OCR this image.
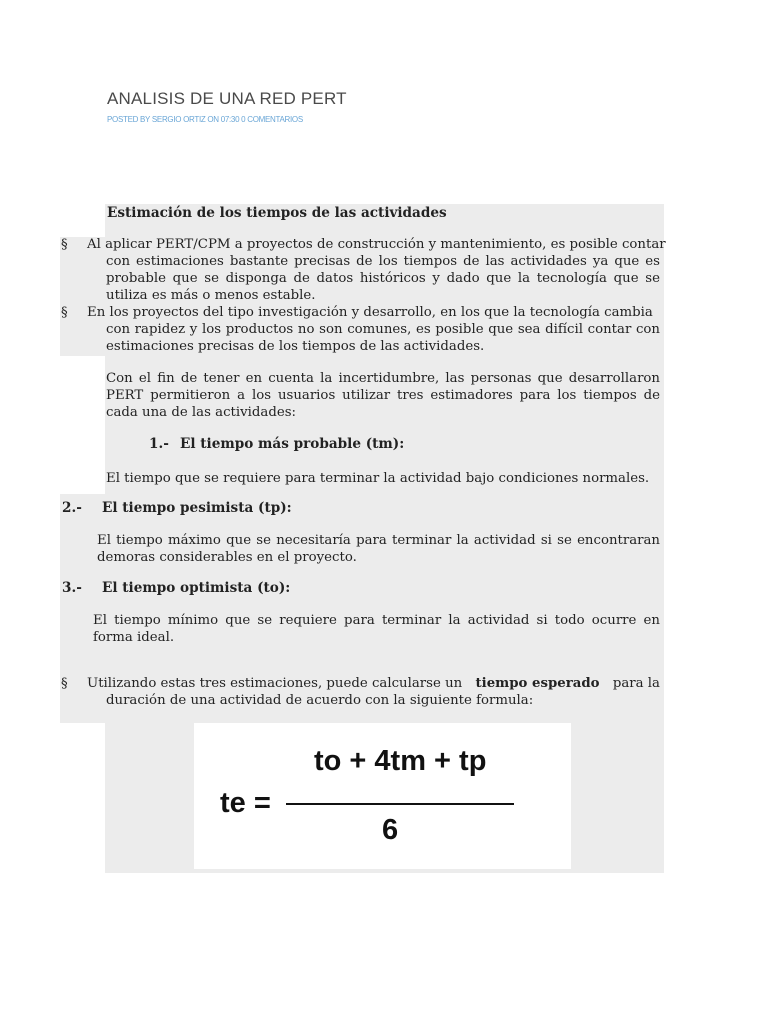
ANALISIS DE UNA RED PERT
POSTED BY SERGIO ORTIZ ON 07:30 0 COMENTARIOS
Estimación de los tiempos de las actividades
§ Al aplicar PERT/CPM a proyectos de construcción y mantenimiento, es posible contar
con estimaciones bastante precisas de los tiempos de las actividades ya que es probable que se disponga de datos históricos y dado que la tecnología que se utiliza es más o menos estable.
§ En los proyectos del tipo investigación y desarrollo, en los que la tecnología cambia
con rapidez y los productos no son comunes, es posible que sea difícil contar con estimaciones precisas de los tiempos de las actividades.
Con el fin de tener en cuenta la incertidumbre, las personas que desarrollaron PERT permitieron a los usuarios utilizar tres estimadores para los tiempos de cada una de las actividades:
1.- El tiempo más probable (tm):
El tiempo que se requiere para terminar la actividad bajo condiciones normales.
2.- El tiempo pesimista (tp):
El tiempo máximo que se necesitaría para terminar la actividad si se encontraran demoras considerables en el proyecto.
3.- El tiempo optimista (to):
El tiempo mínimo que se requiere para terminar la actividad si todo ocurre en forma ideal.
§ Utilizando estas tres estimaciones, puede calcularse un tiempo esperado para la
duración de una actividad de acuerdo con la siguiente formula:
to + 4tm + tp
te =
6
